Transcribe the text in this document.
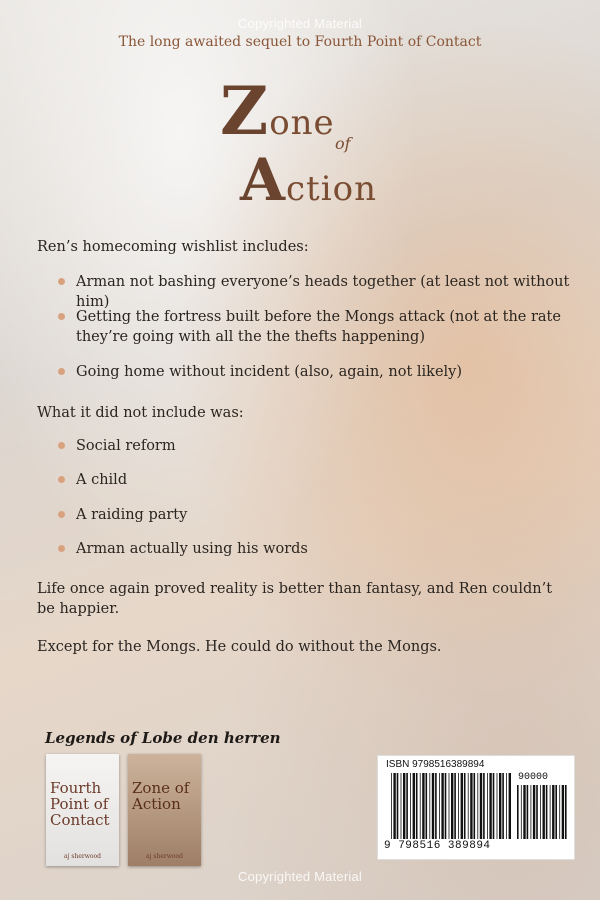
Copyrighted Material
The long awaited sequel to Fourth Point of Contact
Zone
of
Action
Ren’s homecoming wishlist includes:
Arman not bashing everyone’s heads together (at least not without him)
Getting the fortress built before the Mongs attack (not at the rate they’re going with all the the thefts happening)
Going home without incident (also, again, not likely)
What it did not include was:
Social reform
A child
A raiding party
Arman actually using his words
Life once again proved reality is better than fantasy, and Ren couldn’t be happier.
Except for the Mongs. He could do without the Mongs.
Legends of Lobe den herren
Fourth Point of Contact
aj sherwood
Zone of Action
aj sherwood
ISBN 9798516389894
90000
9 798516 389894
Copyrighted Material
